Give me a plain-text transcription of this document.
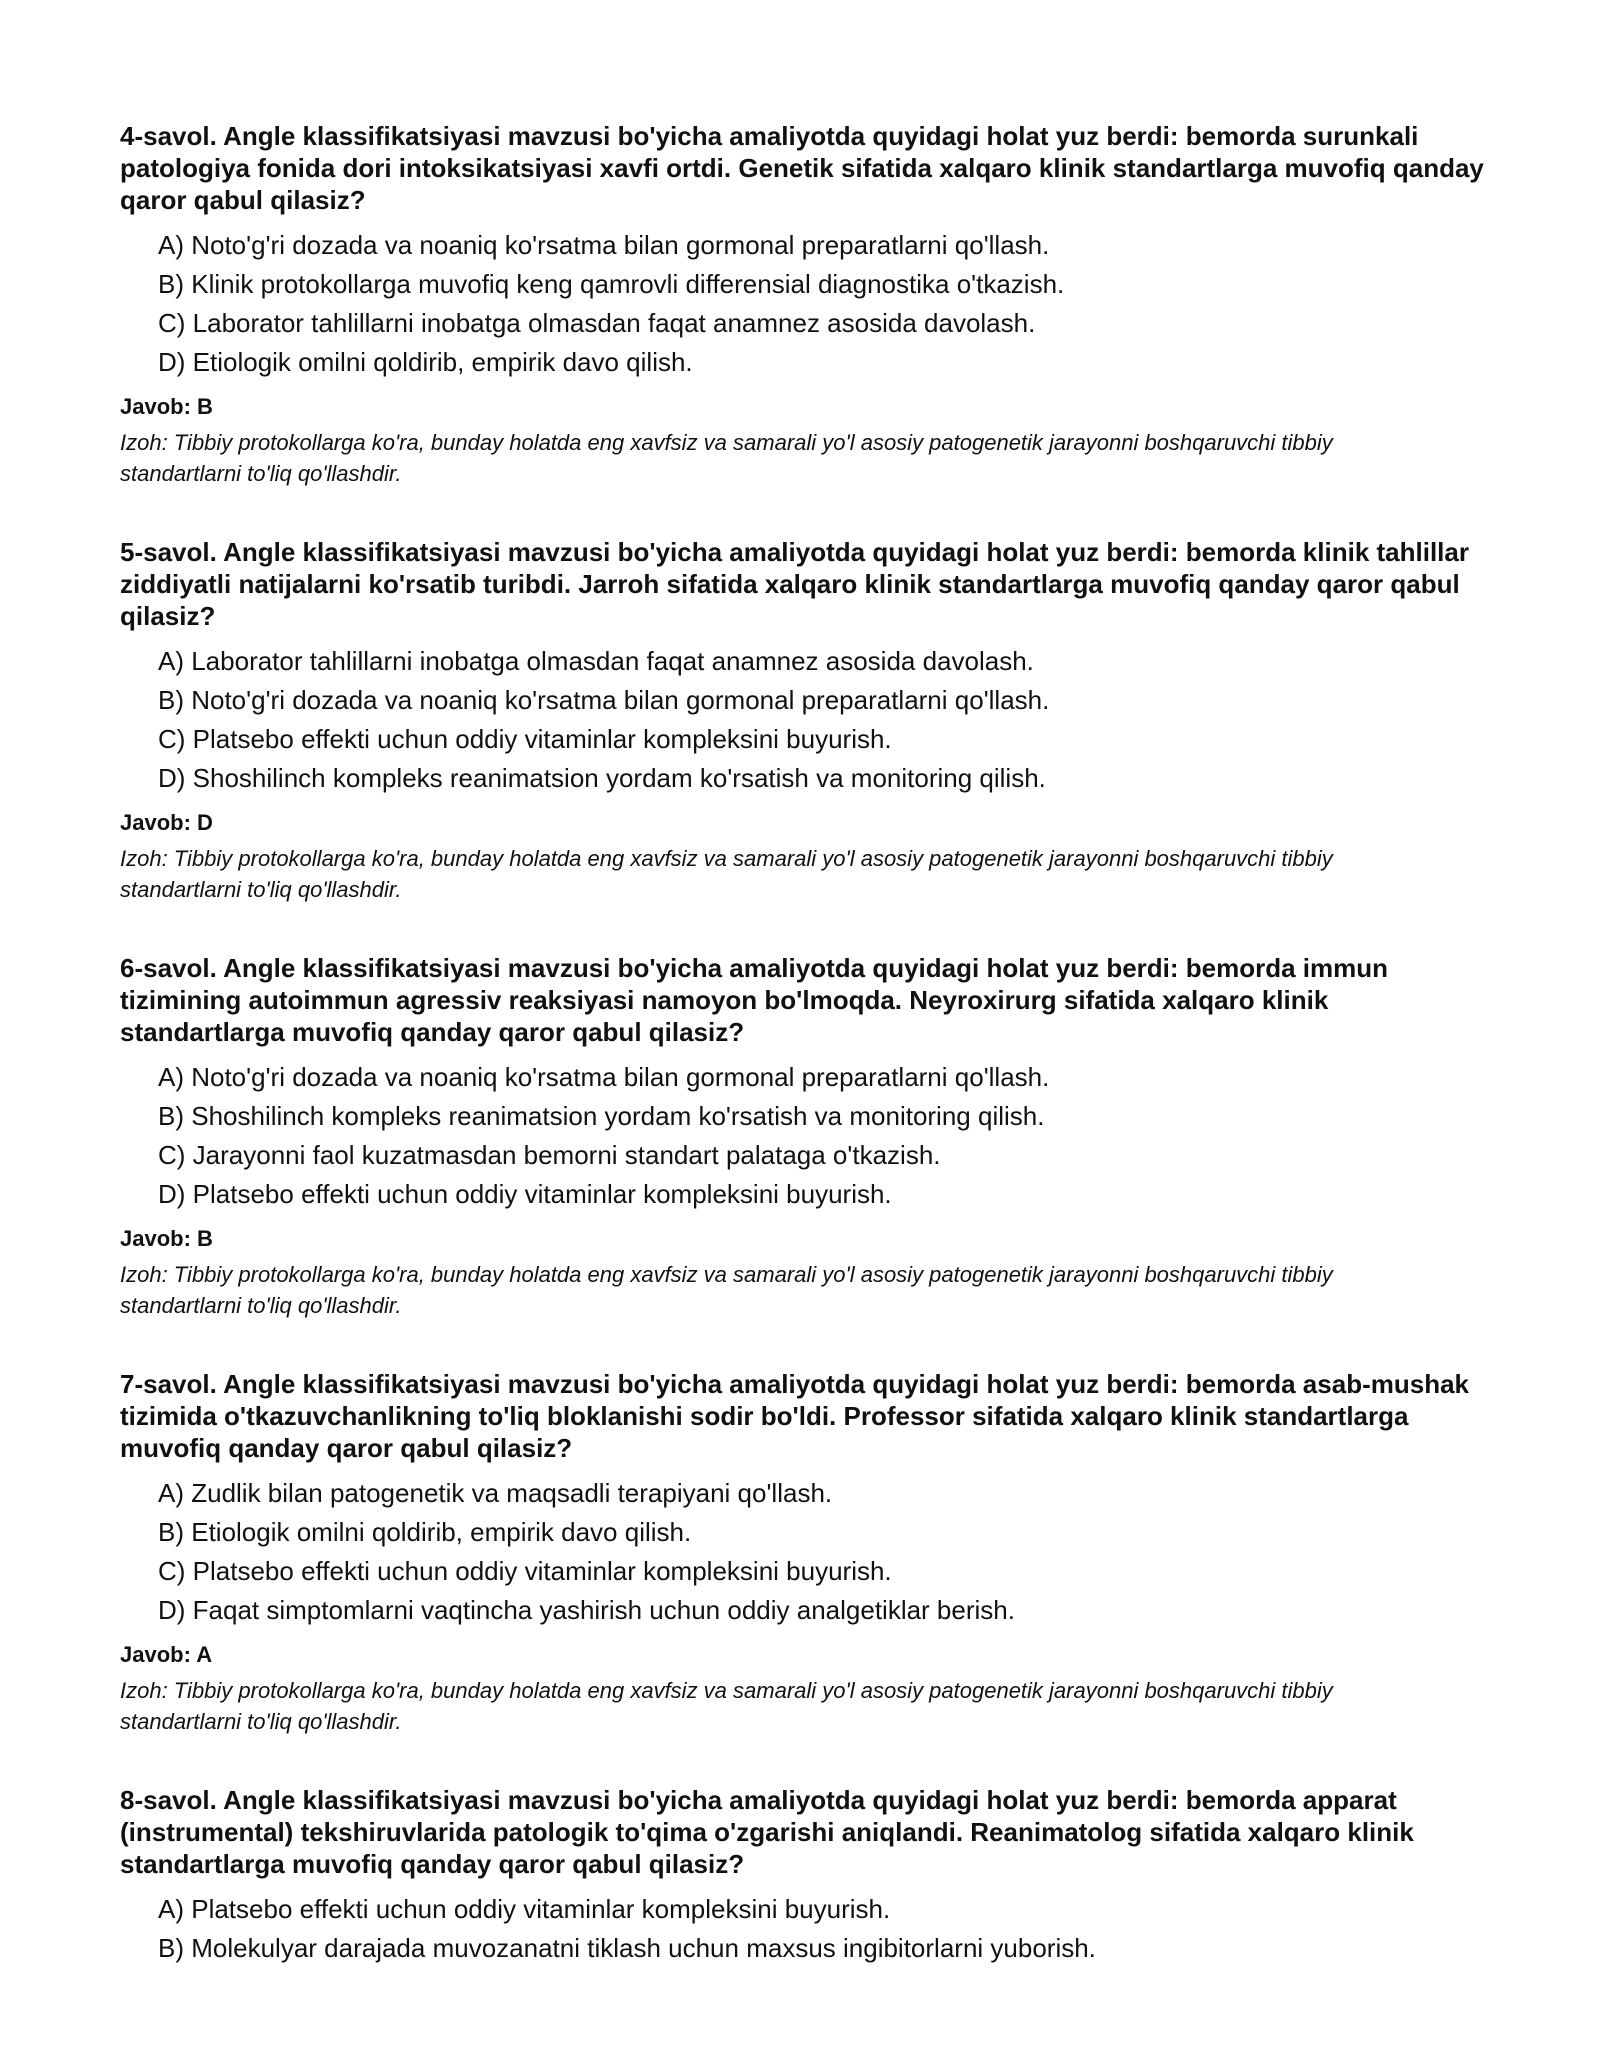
4-savol. Angle klassifikatsiyasi mavzusi bo'yicha amaliyotda quyidagi holat yuz berdi: bemorda surunkali patologiya fonida dori intoksikatsiyasi xavfi ortdi. Genetik sifatida xalqaro klinik standartlarga muvofiq qanday qaror qabul qilasiz?
A) Noto'g'ri dozada va noaniq ko'rsatma bilan gormonal preparatlarni qo'llash.
B) Klinik protokollarga muvofiq keng qamrovli differensial diagnostika o'tkazish.
C) Laborator tahlillarni inobatga olmasdan faqat anamnez asosida davolash.
D) Etiologik omilni qoldirib, empirik davo qilish.
Javob: B
Izoh: Tibbiy protokollarga ko'ra, bunday holatda eng xavfsiz va samarali yo'l asosiy patogenetik jarayonni boshqaruvchi tibbiy standartlarni to'liq qo'llashdir.
5-savol. Angle klassifikatsiyasi mavzusi bo'yicha amaliyotda quyidagi holat yuz berdi: bemorda klinik tahlillar ziddiyatli natijalarni ko'rsatib turibdi. Jarroh sifatida xalqaro klinik standartlarga muvofiq qanday qaror qabul qilasiz?
A) Laborator tahlillarni inobatga olmasdan faqat anamnez asosida davolash.
B) Noto'g'ri dozada va noaniq ko'rsatma bilan gormonal preparatlarni qo'llash.
C) Platsebo effekti uchun oddiy vitaminlar kompleksini buyurish.
D) Shoshilinch kompleks reanimatsion yordam ko'rsatish va monitoring qilish.
Javob: D
Izoh: Tibbiy protokollarga ko'ra, bunday holatda eng xavfsiz va samarali yo'l asosiy patogenetik jarayonni boshqaruvchi tibbiy standartlarni to'liq qo'llashdir.
6-savol. Angle klassifikatsiyasi mavzusi bo'yicha amaliyotda quyidagi holat yuz berdi: bemorda immun tizimining autoimmun agressiv reaksiyasi namoyon bo'lmoqda. Neyroxirurg sifatida xalqaro klinik standartlarga muvofiq qanday qaror qabul qilasiz?
A) Noto'g'ri dozada va noaniq ko'rsatma bilan gormonal preparatlarni qo'llash.
B) Shoshilinch kompleks reanimatsion yordam ko'rsatish va monitoring qilish.
C) Jarayonni faol kuzatmasdan bemorni standart palataga o'tkazish.
D) Platsebo effekti uchun oddiy vitaminlar kompleksini buyurish.
Javob: B
Izoh: Tibbiy protokollarga ko'ra, bunday holatda eng xavfsiz va samarali yo'l asosiy patogenetik jarayonni boshqaruvchi tibbiy standartlarni to'liq qo'llashdir.
7-savol. Angle klassifikatsiyasi mavzusi bo'yicha amaliyotda quyidagi holat yuz berdi: bemorda asab-mushak tizimida o'tkazuvchanlikning to'liq bloklanishi sodir bo'ldi. Professor sifatida xalqaro klinik standartlarga muvofiq qanday qaror qabul qilasiz?
A) Zudlik bilan patogenetik va maqsadli terapiyani qo'llash.
B) Etiologik omilni qoldirib, empirik davo qilish.
C) Platsebo effekti uchun oddiy vitaminlar kompleksini buyurish.
D) Faqat simptomlarni vaqtincha yashirish uchun oddiy analgetiklar berish.
Javob: A
Izoh: Tibbiy protokollarga ko'ra, bunday holatda eng xavfsiz va samarali yo'l asosiy patogenetik jarayonni boshqaruvchi tibbiy standartlarni to'liq qo'llashdir.
8-savol. Angle klassifikatsiyasi mavzusi bo'yicha amaliyotda quyidagi holat yuz berdi: bemorda apparat (instrumental) tekshiruvlarida patologik to'qima o'zgarishi aniqlandi. Reanimatolog sifatida xalqaro klinik standartlarga muvofiq qanday qaror qabul qilasiz?
A) Platsebo effekti uchun oddiy vitaminlar kompleksini buyurish.
B) Molekulyar darajada muvozanatni tiklash uchun maxsus ingibitorlarni yuborish.
